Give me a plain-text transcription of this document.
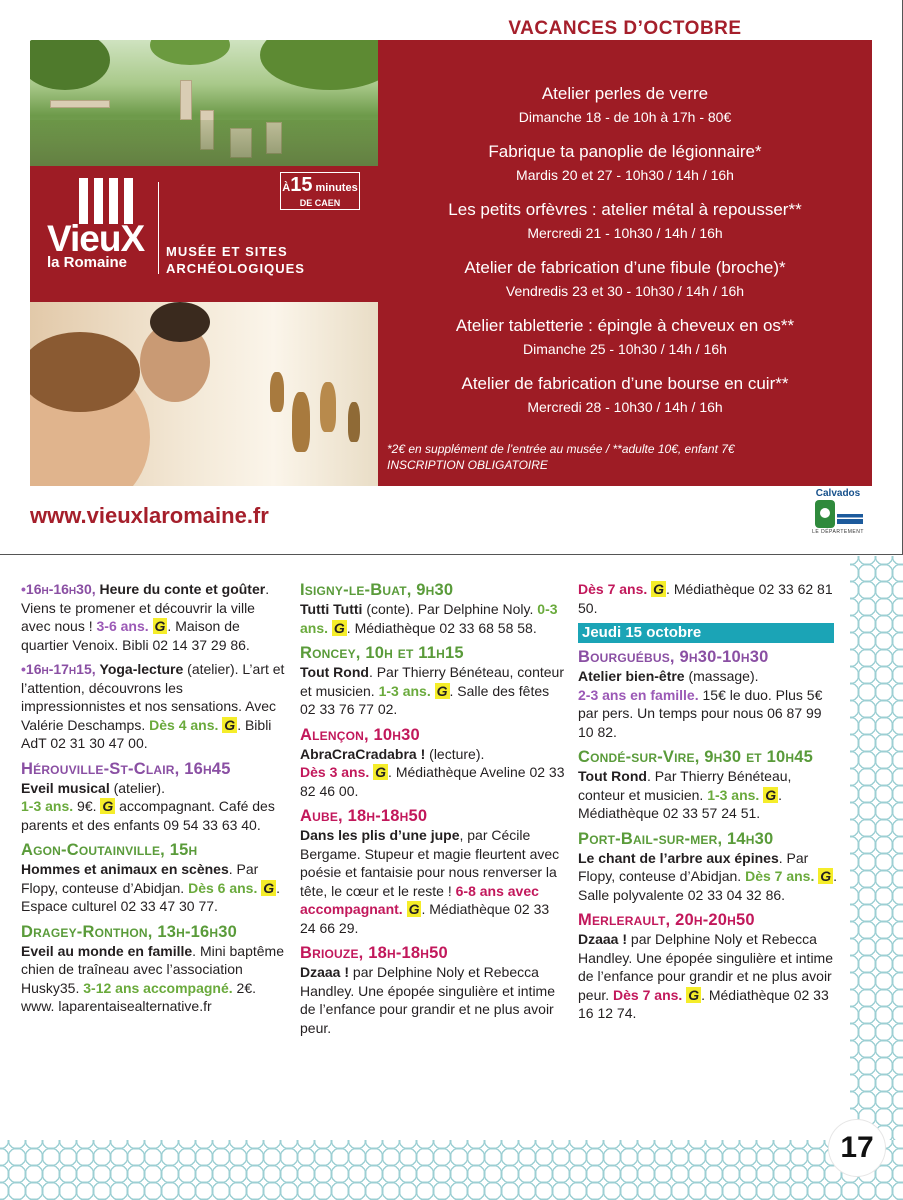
VACANCES D’OCTOBRE
VieuX
la Romaine
MUSÉE ET SITES
ARCHÉOLOGIQUES
À15 minutes
DE CAEN
Atelier perles de verre
Dimanche 18 - de 10h à 17h - 80€
Fabrique ta panoplie de légionnaire*
Mardis 20 et 27 - 10h30 / 14h / 16h
Les petits orfèvres : atelier métal à repousser**
Mercredi 21 - 10h30 / 14h / 16h
Atelier de fabrication d’une fibule (broche)*
Vendredis 23 et 30 - 10h30 / 14h / 16h
Atelier tabletterie : épingle à cheveux en os**
Dimanche 25 - 10h30 / 14h / 16h
Atelier de fabrication d’une bourse en cuir**
Mercredi 28 - 10h30 / 14h / 16h
*2€ en supplément de l’entrée au musée / **adulte 10€, enfant 7€
INSCRIPTION OBLIGATOIRE
www.vieuxlaromaine.fr
Calvados
LE DÉPARTEMENT
17
•16h-16h30, Heure du conte et goûter. Viens te promener et découvrir la ville avec nous ! 3-6 ans. G . Maison de quartier Venoix. Bibli 02 14 37 29 86.
•16h-17h15, Yoga-lecture (atelier). L’art et l’attention, découvrons les impressionnistes et nos sensations. Avec Valérie Deschamps. Dès 4 ans. G . Bibli AdT 02 31 30 47 00.
Hérouville-St-Clair, 16h45
Eveil musical (atelier).
1-3 ans. 9€. G accompagnant. Café des parents et des enfants 09 54 33 63 40.
Agon-Coutainville, 15h
Hommes et animaux en scènes. Par Flopy, conteuse d’Abidjan. Dès 6 ans. G . Espace culturel 02 33 47 30 77.
Dragey-Ronthon, 13h-16h30
Eveil au monde en famille. Mini baptême chien de traîneau avec l’association Husky35. 3-12 ans accompagné. 2€. www. laparentaisealternative.fr
Isigny-le-Buat, 9h30
Tutti Tutti (conte). Par Delphine Noly. 0-3 ans. G . Médiathèque 02 33 68 58 58.
Roncey, 10h et 11h15
Tout Rond. Par Thierry Bénéteau, conteur et musicien. 1-3 ans. G . Salle des fêtes 02 33 76 77 02.
Alençon, 10h30
AbraCraCradabra ! (lecture).
Dès 3 ans. G . Médiathèque Aveline 02 33 82 46 00.
Aube, 18h-18h50
Dans les plis d’une jupe, par Cécile Bergame. Stupeur et magie fleurtent avec poésie et fantaisie pour nous renverser la tête, le cœur et le reste ! 6-8 ans avec accompagnant. G . Médiathèque 02 33 24 66 29.
Briouze, 18h-18h50
Dzaaa ! par Delphine Noly et Rebecca Handley. Une épopée singulière et intime de l’enfance pour grandir et ne plus avoir peur.
Dès 7 ans. G . Médiathèque 02 33 62 81 50.
Jeudi 15 octobre
Bourguébus, 9h30-10h30
Atelier bien-être (massage).
2-3 ans en famille. 15€ le duo. Plus 5€ par pers. Un temps pour nous 06 87 99 10 82.
Condé-sur-Vire, 9h30 et 10h45
Tout Rond. Par Thierry Bénéteau, conteur et musicien. 1-3 ans. G . Médiathèque 02 33 57 24 51.
Port-Bail-sur-mer, 14h30
Le chant de l’arbre aux épines. Par Flopy, conteuse d’Abidjan. Dès 7 ans. G . Salle polyvalente 02 33 04 32 86.
Merlerault, 20h-20h50
Dzaaa ! par Delphine Noly et Rebecca Handley. Une épopée singulière et intime de l’enfance pour grandir et ne plus avoir peur. Dès 7 ans. G . Médiathèque 02 33 16 12 74.
